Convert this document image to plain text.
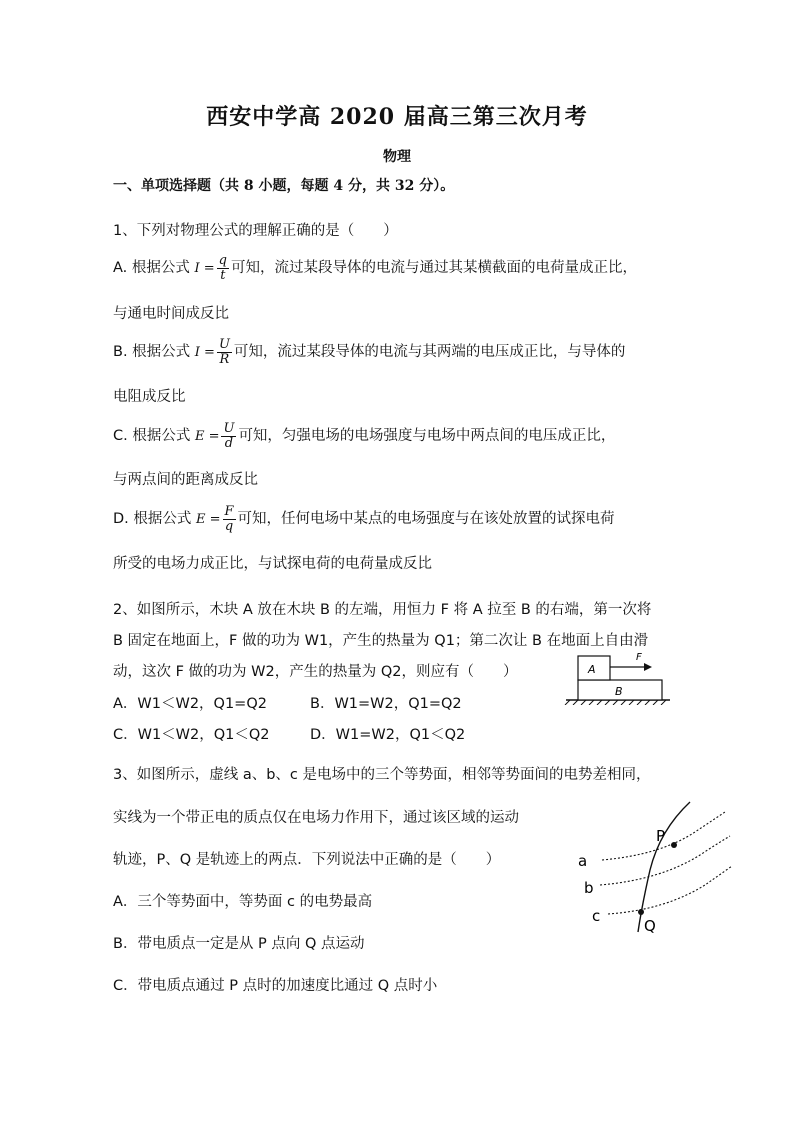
西安中学高 2020 届高三第三次月考
物理
一、单项选择题（共 8 小题，每题 4 分，共 32 分）。
1、下列对物理公式的理解正确的是（　　）
A. 根据公式 $I = \frac{q}{t}$ 可知，流过某段导体的电流与通过其某横截面的电荷量成正比，
与通电时间成反比
B. 根据公式 $I = \frac{U}{R}$ 可知，流过某段导体的电流与其两端的电压成正比，与导体的
电阻成反比
C. 根据公式 $E = \frac{U}{d}$ 可知，匀强电场的电场强度与电场中两点间的电压成正比，
与两点间的距离成反比
D. 根据公式 $E = \frac{F}{q}$ 可知，任何电场中某点的电场强度与在该处放置的试探电荷
所受的电场力成正比，与试探电荷的电荷量成反比
2、如图所示，木块 A 放在木块 B 的左端，用恒力 F 将 A 拉至 B 的右端，第一次将
B 固定在地面上，F 做的功为 W1，产生的热量为 Q1；第二次让 B 在地面上自由滑
动，这次 F 做的功为 W2，产生的热量为 Q2，则应有（　　）
A．W1＜W2，Q1=Q2	B．W1=W2，Q1=Q2
C．W1＜W2，Q1＜Q2	D．W1=W2，Q1＜Q2
B
A
F
3、如图所示，虚线 a、b、c 是电场中的三个等势面，相邻等势面间的电势差相同，
实线为一个带正电的质点仅在电场力作用下，通过该区域的运动
轨迹，P、Q 是轨迹上的两点．下列说法中正确的是（　　）
A．三个等势面中，等势面 c 的电势最高
B．带电质点一定是从 P 点向 Q 点运动
C．带电质点通过 P 点时的加速度比通过 Q 点时小
P
Q
a
b
c
